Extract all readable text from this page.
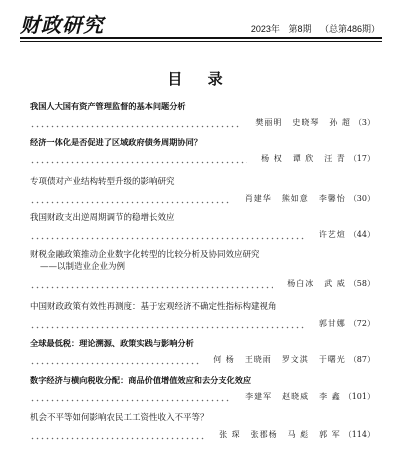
财政研究	2023年 第8期 （总第486期）
目 录
我国人大国有资产管理监督的基本问题分析
樊丽明 史晓琴 孙 超 （3）
经济一体化是否促进了区域政府债务周期协同？
杨 权 谭 欣 汪 青 （17）
专项债对产业结构转型升级的影响研究
肖建华 熊如意 李馨怡 （30）
我国财政支出逆周期调节的稳增长效应
许艺煊 （44）
财税金融政策推动企业数字化转型的比较分析及协同效应研究
——以制造业企业为例
杨白冰 武 威 （58）
中国财政政策有效性再测度：基于宏观经济不确定性指标构建视角
郭甘娜 （72）
全球最低税：理论溯源、政策实践与影响分析
何 杨 王晓雨 罗文淇 于曙光 （87）
数字经济与横向税收分配：商品价值增值效应和去分支化效应
李建军 赵晓威 李 鑫 （101）
机会不平等如何影响农民工工资性收入不平等？
张 琛 张郡杨 马 彪 郭 军 （114）
